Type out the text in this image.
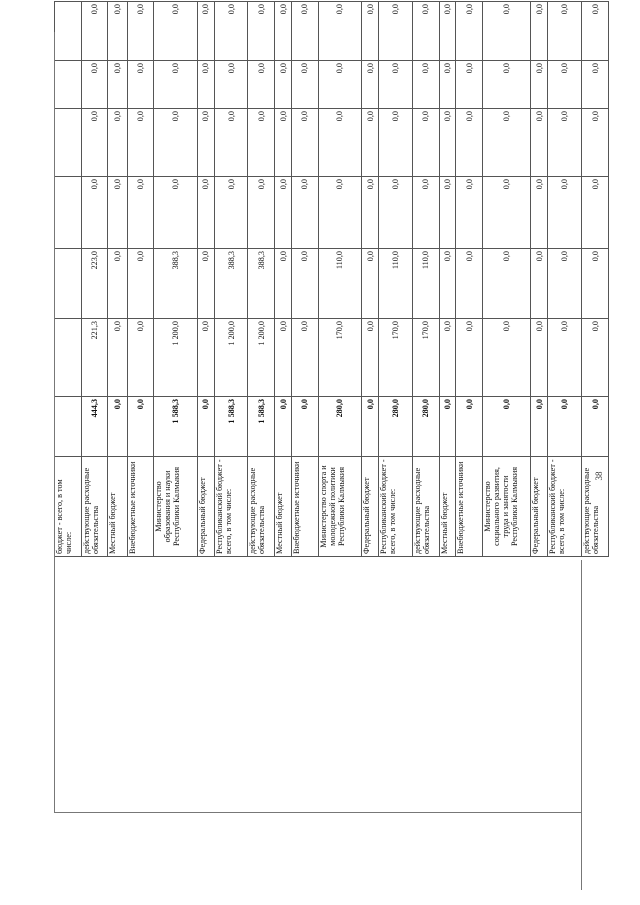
бюджет - всего, в том числе:							
действующие расходные обязательства	444,3	221,3	223,0	0,0	0,0	0,0	0,0
Местный бюджет	0,0	0,0	0,0	0,0	0,0	0,0	0,0
Внебюджетные источники	0,0	0,0	0,0	0,0	0,0	0,0	0,0
Министерство образования и науки Республики Калмыкия	1 588,3	1 200,0	388,3	0,0	0,0	0,0	0,0
Федеральный бюджет	0,0	0,0	0,0	0,0	0,0	0,0	0,0
Республиканский бюджет - всего, в том числе:	1 588,3	1 200,0	388,3	0,0	0,0	0,0	0,0
действующие расходные обязательства	1 588,3	1 200,0	388,3	0,0	0,0	0,0	0,0
Местный бюджет	0,0	0,0	0,0	0,0	0,0	0,0	0,0
Внебюджетные источники	0,0	0,0	0,0	0,0	0,0	0,0	0,0
Министерство спорта и молодежной политики Республики Калмыкия	280,0	170,0	110,0	0,0	0,0	0,0	0,0
Федеральный бюджет	0,0	0,0	0,0	0,0	0,0	0,0	0,0
Республиканский бюджет - всего, в том числе:	280,0	170,0	110,0	0,0	0,0	0,0	0,0
действующие расходные обязательства	280,0	170,0	110,0	0,0	0,0	0,0	0,0
Местный бюджет	0,0	0,0	0,0	0,0	0,0	0,0	0,0
Внебюджетные источники	0,0	0,0	0,0	0,0	0,0	0,0	0,0
Министерство социального развития, труда и занятости Республики Калмыкия	0,0	0,0	0,0	0,0	0,0	0,0	0,0
Федеральный бюджет	0,0	0,0	0,0	0,0	0,0	0,0	0,0
Республиканский бюджет - всего, в том числе:	0,0	0,0	0,0	0,0	0,0	0,0	0,0
действующие расходные обязательства	0,0	0,0	0,0	0,0	0,0	0,0	0,0
38
